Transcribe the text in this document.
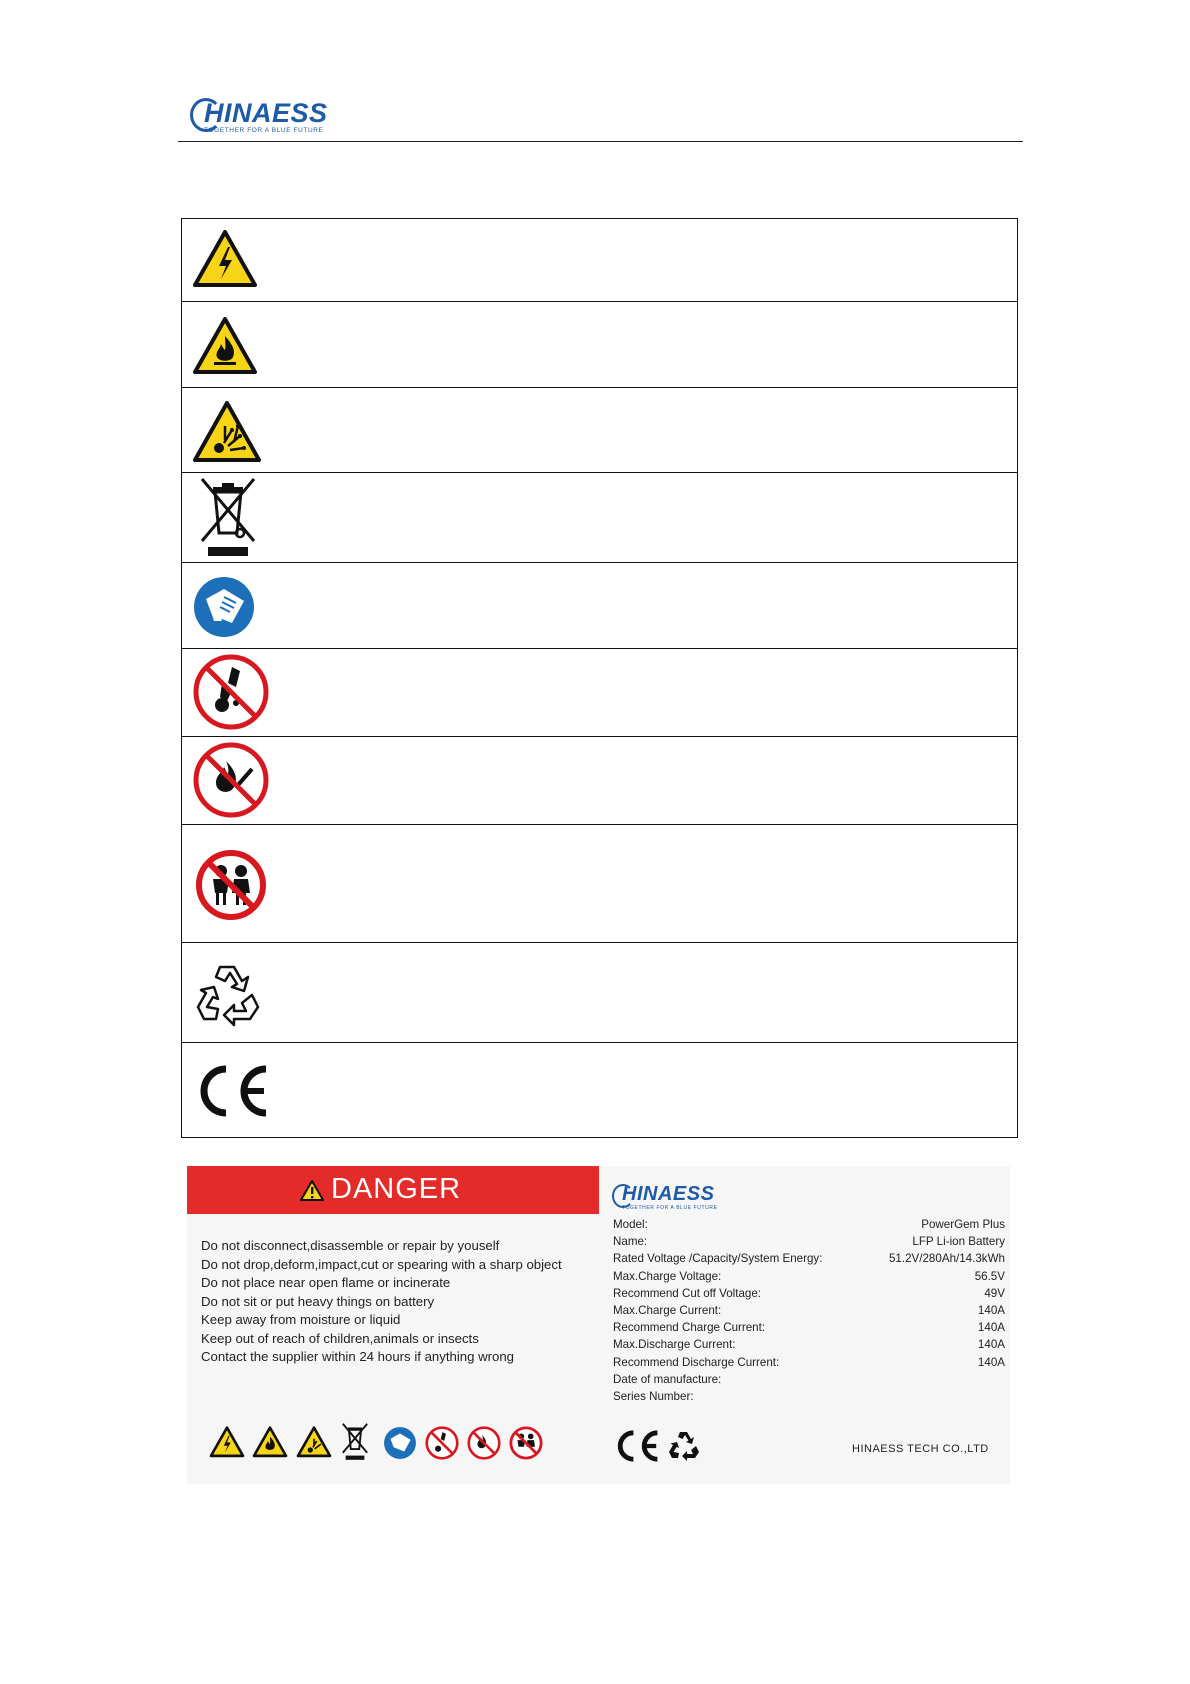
HINAESS
TOGETHER FOR A BLUE FUTURE
DANGER
Do not disconnect,disassemble or repair by youself
Do not drop,deform,impact,cut or spearing with a sharp object
Do not place near open flame or incinerate
Do not sit or put heavy things on battery
Keep away from moisture or liquid
Keep out of reach of children,animals or insects
Contact the supplier within 24 hours if anything wrong
HINAESS
TOGETHER FOR A BLUE FUTURE
Model:	PowerGem Plus
Name:	LFP Li-ion Battery
Rated Voltage /Capacity/System Energy:	51.2V/280Ah/14.3kWh
Max.Charge Voltage:	56.5V
Recommend Cut off Voltage:	49V
Max.Charge Current:	140A
Recommend Charge Current:	140A
Max.Discharge Current:	140A
Recommend Discharge Current:	140A
Date of manufacture:
Series Number:
HINAESS TECH CO.,LTD
